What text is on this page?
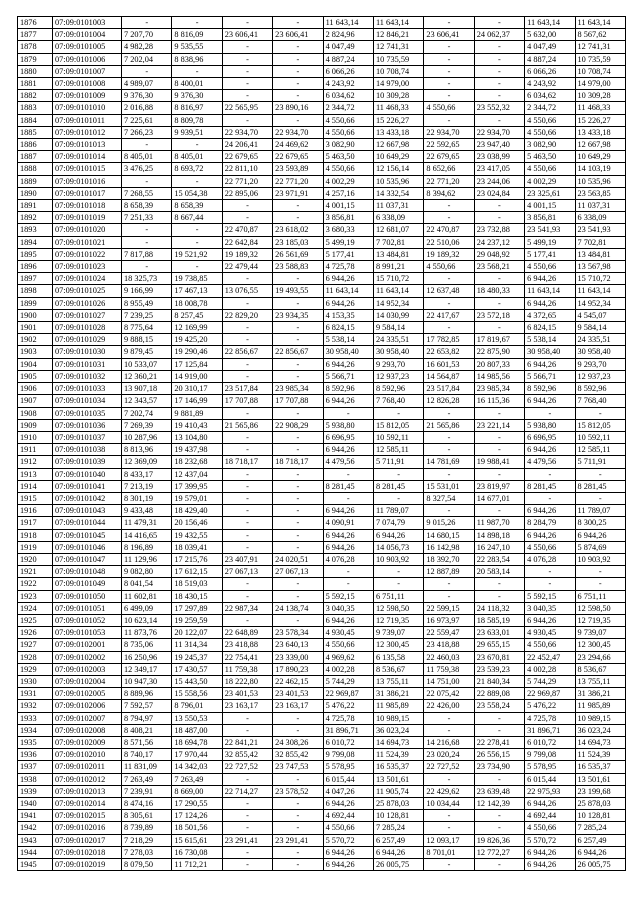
1876	07:09:0101003	-	-	-	-	11 643,14	11 643,14	-	-	11 643,14	11 643,14
1877	07:09:0101004	7 207,70	8 816,09	23 606,41	23 606,41	2 824,96	12 846,21	23 606,41	24 062,37	5 632,00	8 567,62
1878	07:09:0101005	4 982,28	9 535,55	-	-	4 047,49	12 741,31	-	-	4 047,49	12 741,31
1879	07:09:0101006	7 202,04	8 838,96	-	-	4 887,24	10 735,59	-	-	4 887,24	10 735,59
1880	07:09:0101007	-	-	-	-	6 066,26	10 708,74	-	-	6 066,26	10 708,74
1881	07:09:0101008	4 989,07	8 400,01	-	-	4 243,92	14 979,00	-	-	4 243,92	14 979,00
1882	07:09:0101009	9 376,30	9 376,30	-	-	6 034,62	10 309,28	-	-	6 034,62	10 309,28
1883	07:09:0101010	2 016,88	8 816,97	22 565,95	23 890,16	2 344,72	11 468,33	4 550,66	23 552,32	2 344,72	11 468,33
1884	07:09:0101011	7 225,61	8 809,78	-	-	4 550,66	15 226,27	-	-	4 550,66	15 226,27
1885	07:09:0101012	7 266,23	9 939,51	22 934,70	22 934,70	4 550,66	13 433,18	22 934,70	22 934,70	4 550,66	13 433,18
1886	07:09:0101013	-	-	24 206,41	24 469,62	3 082,90	12 667,98	22 592,65	23 947,40	3 082,90	12 667,98
1887	07:09:0101014	8 405,01	8 405,01	22 679,65	22 679,65	5 463,50	10 649,29	22 679,65	23 038,99	5 463,50	10 649,29
1888	07:09:0101015	3 476,25	8 693,72	22 811,10	23 593,89	4 550,66	12 156,14	8 652,66	23 417,05	4 550,66	14 103,19
1889	07:09:0101016	-	-	22 771,20	22 771,20	4 002,29	10 535,96	22 771,20	23 244,06	4 002,29	10 535,96
1890	07:09:0101017	7 268,55	15 054,38	22 895,06	23 971,91	4 257,16	14 332,54	8 394,62	23 024,84	23 325,61	23 563,85
1891	07:09:0101018	8 658,39	8 658,39	-	-	4 001,15	11 037,31	-	-	4 001,15	11 037,31
1892	07:09:0101019	7 251,33	8 667,44	-	-	3 856,81	6 338,09	-	-	3 856,81	6 338,09
1893	07:09:0101020	-	-	22 470,87	23 618,02	3 680,33	12 681,07	22 470,87	23 732,88	23 541,93	23 541,93
1894	07:09:0101021	-	-	22 642,84	23 185,03	5 499,19	7 702,81	22 510,06	24 237,12	5 499,19	7 702,81
1895	07:09:0101022	7 817,88	19 521,92	19 189,32	26 561,69	5 177,41	13 484,81	19 189,32	29 048,92	5 177,41	13 484,81
1896	07:09:0101023	-	-	22 479,44	23 588,83	4 725,78	8 991,21	4 550,66	23 568,21	4 550,66	13 567,98
1897	07:09:0101024	18 325,73	19 738,85	-	-	6 944,26	15 710,72	-	-	6 944,26	15 710,72
1898	07:09:0101025	9 166,99	17 467,13	13 076,55	19 493,55	11 643,14	11 643,14	12 637,48	18 480,33	11 643,14	11 643,14
1899	07:09:0101026	8 955,49	18 008,78	-	-	6 944,26	14 952,34	-	-	6 944,26	14 952,34
1900	07:09:0101027	7 239,25	8 257,45	22 829,20	23 934,35	4 153,35	14 030,99	22 417,67	23 572,18	4 372,65	4 545,07
1901	07:09:0101028	8 775,64	12 169,99	-	-	6 824,15	9 584,14	-	-	6 824,15	9 584,14
1902	07:09:0101029	9 888,15	19 425,20	-	-	5 538,14	24 335,51	17 782,85	17 819,67	5 538,14	24 335,51
1903	07:09:0101030	9 879,45	19 290,46	22 856,67	22 856,67	30 958,40	30 958,40	22 653,82	22 875,90	30 958,40	30 958,40
1904	07:09:0101031	10 533,07	17 125,84	-	-	6 944,26	9 293,70	16 601,53	20 807,33	6 944,26	9 293,70
1905	07:09:0101032	12 360,21	14 919,00	-	-	5 566,71	12 937,23	14 564,87	14 985,56	5 566,71	12 937,23
1906	07:09:0101033	13 907,18	20 310,17	23 517,84	23 985,34	8 592,96	8 592,96	23 517,84	23 985,34	8 592,96	8 592,96
1907	07:09:0101034	12 343,57	17 146,99	17 707,88	17 707,88	6 944,26	7 768,40	12 826,28	16 115,36	6 944,26	7 768,40
1908	07:09:0101035	7 202,74	9 881,89	-	-	-	-	-	-	-	-
1909	07:09:0101036	7 269,39	19 410,43	21 565,86	22 908,29	5 938,80	15 812,05	21 565,86	23 221,14	5 938,80	15 812,05
1910	07:09:0101037	10 287,96	13 104,80	-	-	6 696,95	10 592,11	-	-	6 696,95	10 592,11
1911	07:09:0101038	8 813,96	19 437,98	-	-	6 944,26	12 585,11	-	-	6 944,26	12 585,11
1912	07:09:0101039	12 369,09	18 232,68	18 718,17	18 718,17	4 479,56	5 711,91	14 781,69	19 988,41	4 479,56	5 711,91
1913	07:09:0101040	8 433,17	12 437,04	-	-	-	-	-	-	-	-
1914	07:09:0101041	7 213,19	17 399,95	-	-	8 281,45	8 281,45	15 531,01	23 819,97	8 281,45	8 281,45
1915	07:09:0101042	8 301,19	19 579,01	-	-	-	-	8 327,54	14 677,01	-	-
1916	07:09:0101043	9 433,48	18 429,40	-	-	6 944,26	11 789,07	-	-	6 944,26	11 789,07
1917	07:09:0101044	11 479,31	20 156,46	-	-	4 090,91	7 074,79	9 015,26	11 987,70	8 284,79	8 300,25
1918	07:09:0101045	14 416,65	19 432,55	-	-	6 944,26	6 944,26	14 680,15	14 898,18	6 944,26	6 944,26
1919	07:09:0101046	8 196,89	18 039,41	-	-	6 944,26	14 056,73	16 142,98	16 247,10	4 550,66	5 874,69
1920	07:09:0101047	11 129,96	17 215,76	23 407,91	24 020,51	4 076,28	10 903,92	18 392,70	22 283,54	4 076,28	10 903,92
1921	07:09:0101048	9 082,80	17 612,15	27 067,13	27 067,13	-	-	12 887,89	20 583,14	-	-
1922	07:09:0101049	8 041,54	18 519,03	-	-	-	-	-	-	-	-
1923	07:09:0101050	11 602,81	18 430,15	-	-	5 592,15	6 751,11	-	-	5 592,15	6 751,11
1924	07:09:0101051	6 499,09	17 297,89	22 987,34	24 138,74	3 040,35	12 598,50	22 599,15	24 118,32	3 040,35	12 598,50
1925	07:09:0101052	10 623,14	19 259,59	-	-	6 944,26	12 719,35	16 973,97	18 585,19	6 944,26	12 719,35
1926	07:09:0101053	11 873,76	20 122,07	22 648,89	23 578,34	4 930,45	9 739,07	22 559,47	23 633,01	4 930,45	9 739,07
1927	07:09:0102001	8 735,06	11 314,34	23 418,88	23 640,13	4 550,66	12 300,45	23 418,88	29 655,15	4 550,66	12 300,45
1928	07:09:0102002	16 250,96	19 245,37	22 754,41	23 339,00	4 969,62	6 135,58	22 460,03	23 670,81	22 452,47	23 294,66
1929	07:09:0102003	12 349,17	17 430,57	11 759,38	17 890,23	4 002,28	8 536,67	11 759,38	23 539,23	4 002,28	8 536,67
1930	07:09:0102004	10 947,30	15 443,50	18 222,80	22 462,15	5 744,29	13 755,11	14 751,00	21 840,34	5 744,29	13 755,11
1931	07:09:0102005	8 889,96	15 558,56	23 401,53	23 401,53	22 969,87	31 386,21	22 075,42	22 889,08	22 969,87	31 386,21
1932	07:09:0102006	7 592,57	8 796,01	23 163,17	23 163,17	5 476,22	11 985,89	22 426,00	23 558,24	5 476,22	11 985,89
1933	07:09:0102007	8 794,97	13 550,53	-	-	4 725,78	10 989,15	-	-	4 725,78	10 989,15
1934	07:09:0102008	8 408,21	18 487,00	-	-	31 896,71	36 023,24	-	-	31 896,71	36 023,24
1935	07:09:0102009	8 571,56	18 694,78	22 841,21	24 308,26	6 010,72	14 694,73	14 216,68	22 278,41	6 010,72	14 694,73
1936	07:09:0102010	8 740,17	17 970,44	32 855,42	32 855,42	9 799,08	11 524,39	23 020,24	26 556,15	9 799,08	11 524,39
1937	07:09:0102011	11 831,09	14 342,03	22 727,52	23 747,53	5 578,95	16 535,37	22 727,52	23 734,90	5 578,95	16 535,37
1938	07:09:0102012	7 263,49	7 263,49	-	-	6 015,44	13 501,61	-	-	6 015,44	13 501,61
1939	07:09:0102013	7 239,91	8 669,00	22 714,27	23 578,52	4 047,26	11 905,74	22 429,62	23 639,48	22 975,93	23 199,68
1940	07:09:0102014	8 474,16	17 290,55	-	-	6 944,26	25 878,03	10 034,44	12 142,39	6 944,26	25 878,03
1941	07:09:0102015	8 305,61	17 124,26	-	-	4 692,44	10 128,81	-	-	4 692,44	10 128,81
1942	07:09:0102016	8 739,89	18 501,56	-	-	4 550,66	7 285,24	-	-	4 550,66	7 285,24
1943	07:09:0102017	7 218,29	15 615,61	23 291,41	23 291,41	5 570,72	6 257,49	12 093,17	19 826,36	5 570,72	6 257,49
1944	07:09:0102018	7 278,03	16 730,08	-	-	6 944,26	6 944,26	8 701,01	12 772,27	6 944,26	6 944,26
1945	07:09:0102019	8 079,50	11 712,21	-	-	6 944,26	26 005,75	-	-	6 944,26	26 005,75
